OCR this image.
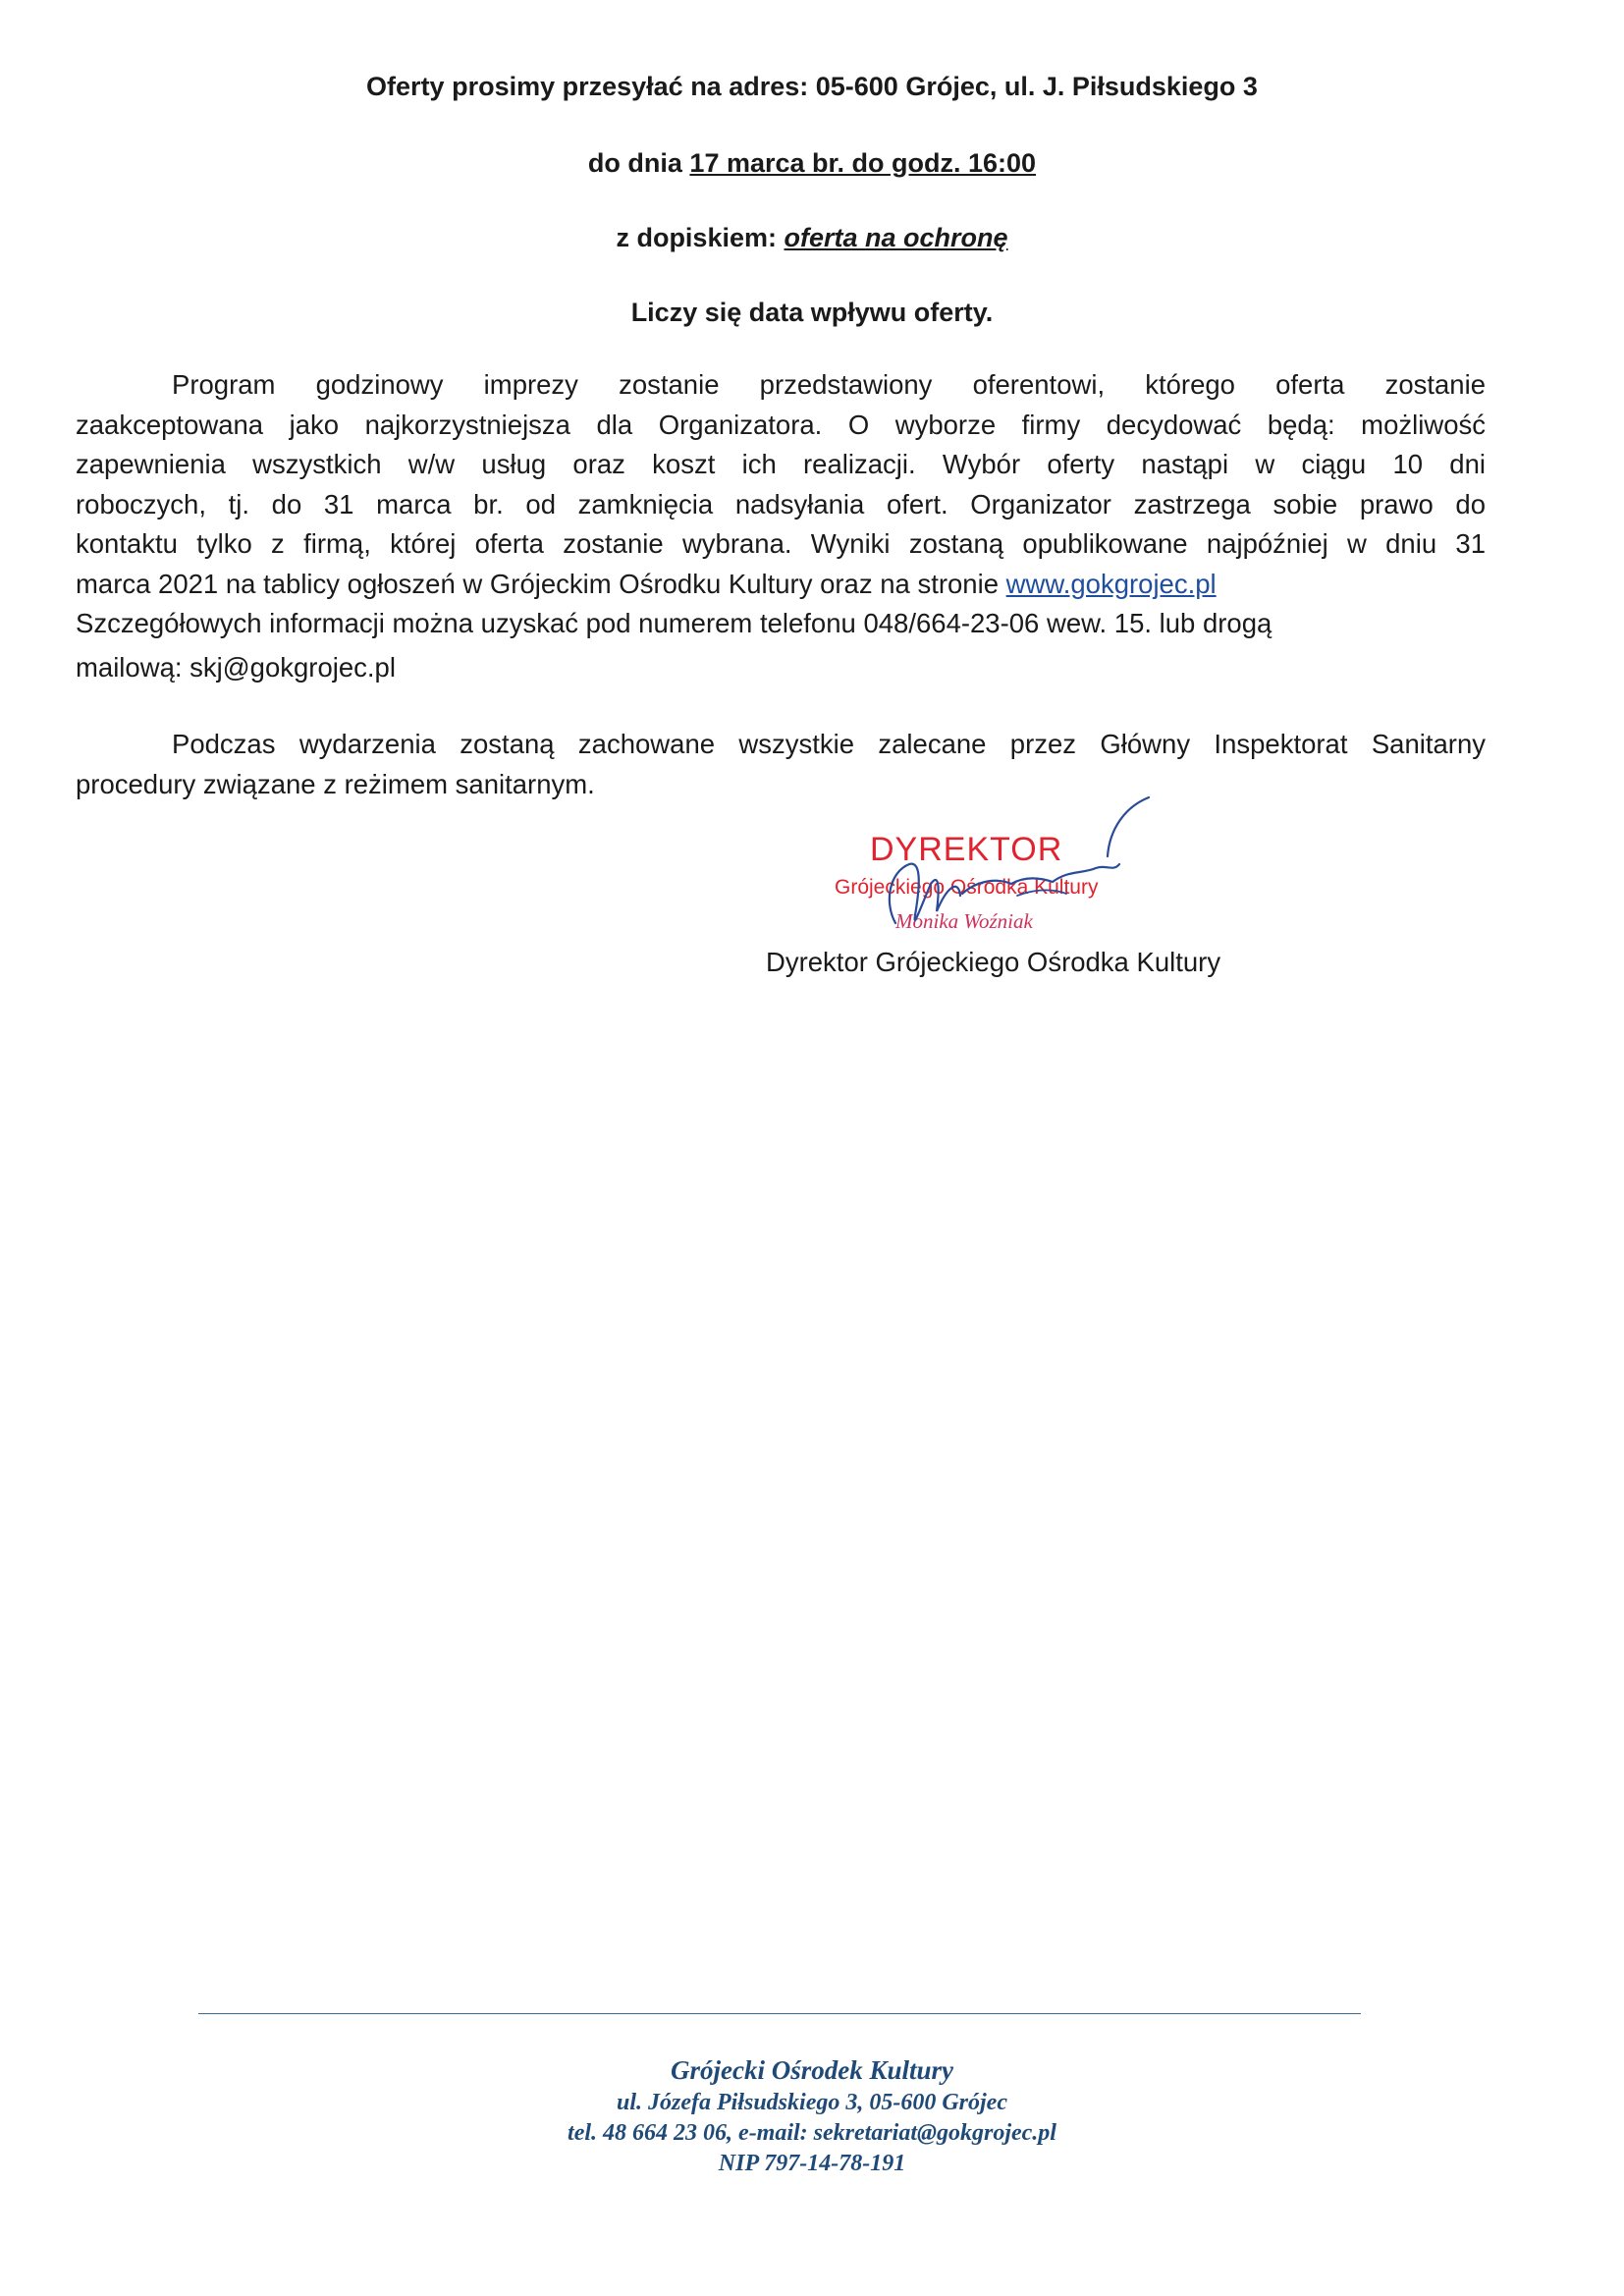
Oferty prosimy przesyłać na adres: 05-600 Grójec, ul. J. Piłsudskiego 3
do dnia 17 marca br. do godz. 16:00
z dopiskiem: oferta na ochronę
Liczy się data wpływu oferty.
Program godzinowy imprezy zostanie przedstawiony oferentowi, którego oferta zostanie
zaakceptowana jako najkorzystniejsza dla Organizatora. O wyborze firmy decydować będą: możliwość
zapewnienia wszystkich w/w usług oraz koszt ich realizacji. Wybór oferty nastąpi w ciągu 10 dni
roboczych, tj. do 31 marca br. od zamknięcia nadsyłania ofert. Organizator zastrzega sobie prawo do
kontaktu tylko z firmą, której oferta zostanie wybrana. Wyniki zostaną opublikowane najpóźniej w dniu 31
marca 2021 na tablicy ogłoszeń w Grójeckim Ośrodku Kultury oraz na stronie www.gokgrojec.pl
Szczegółowych informacji można uzyskać pod numerem telefonu 048/664-23-06 wew. 15. lub drogą
mailową: skj@gokgrojec.pl
Podczas wydarzenia zostaną zachowane wszystkie zalecane przez Główny Inspektorat Sanitarny
procedury związane z reżimem sanitarnym.
DYREKTOR
Grójeckiego Ośrodka Kultury
Monika Woźniak
Dyrektor Grójeckiego Ośrodka Kultury
Grójecki Ośrodek Kultury
ul. Józefa Piłsudskiego 3, 05-600 Grójec
tel. 48 664 23 06, e-mail: sekretariat@gokgrojec.pl
NIP 797-14-78-191
